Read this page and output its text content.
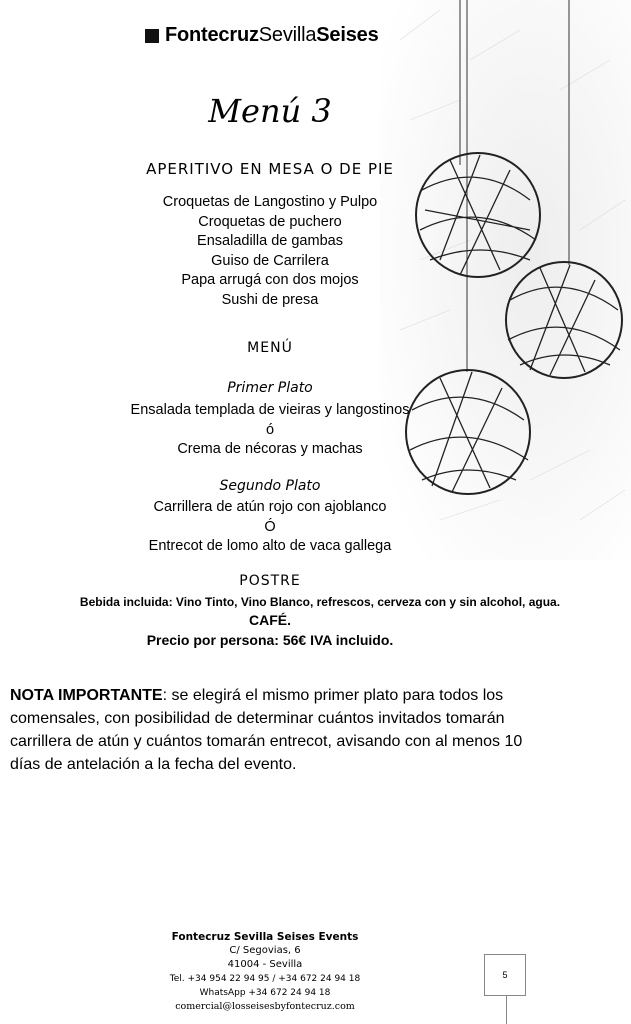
FontecruzSevillaSeises
Menú 3
APERITIVO EN MESA O DE PIE
Croquetas de Langostino y Pulpo
Croquetas de puchero
Ensaladilla de gambas
Guiso de Carrilera
Papa arrugá con dos mojos
Sushi de presa
MENÚ
Primer Plato
Ensalada templada de vieiras y langostinos
ó
Crema de nécoras y machas
Segundo Plato
Carrillera de atún rojo con ajoblanco
Ó
Entrecot de lomo alto de vaca gallega
POSTRE
Bebida incluida: Vino Tinto, Vino Blanco, refrescos, cerveza con y sin alcohol, agua.
CAFÉ.
Precio por persona: 56€ IVA incluido.
NOTA IMPORTANTE: se elegirá el mismo primer plato para todos los comensales, con posibilidad de determinar cuántos invitados tomarán carrillera de atún y cuántos tomarán entrecot, avisando con al menos 10 días de antelación a la fecha del evento.
Fontecruz Sevilla Seises Events
C/ Segovias, 6
41004 - Sevilla
Tel. +34 954 22 94 95 / +34 672 24 94 18
WhatsApp +34 672 24 94 18
comercial@losseisesbyfontecruz.com
5
